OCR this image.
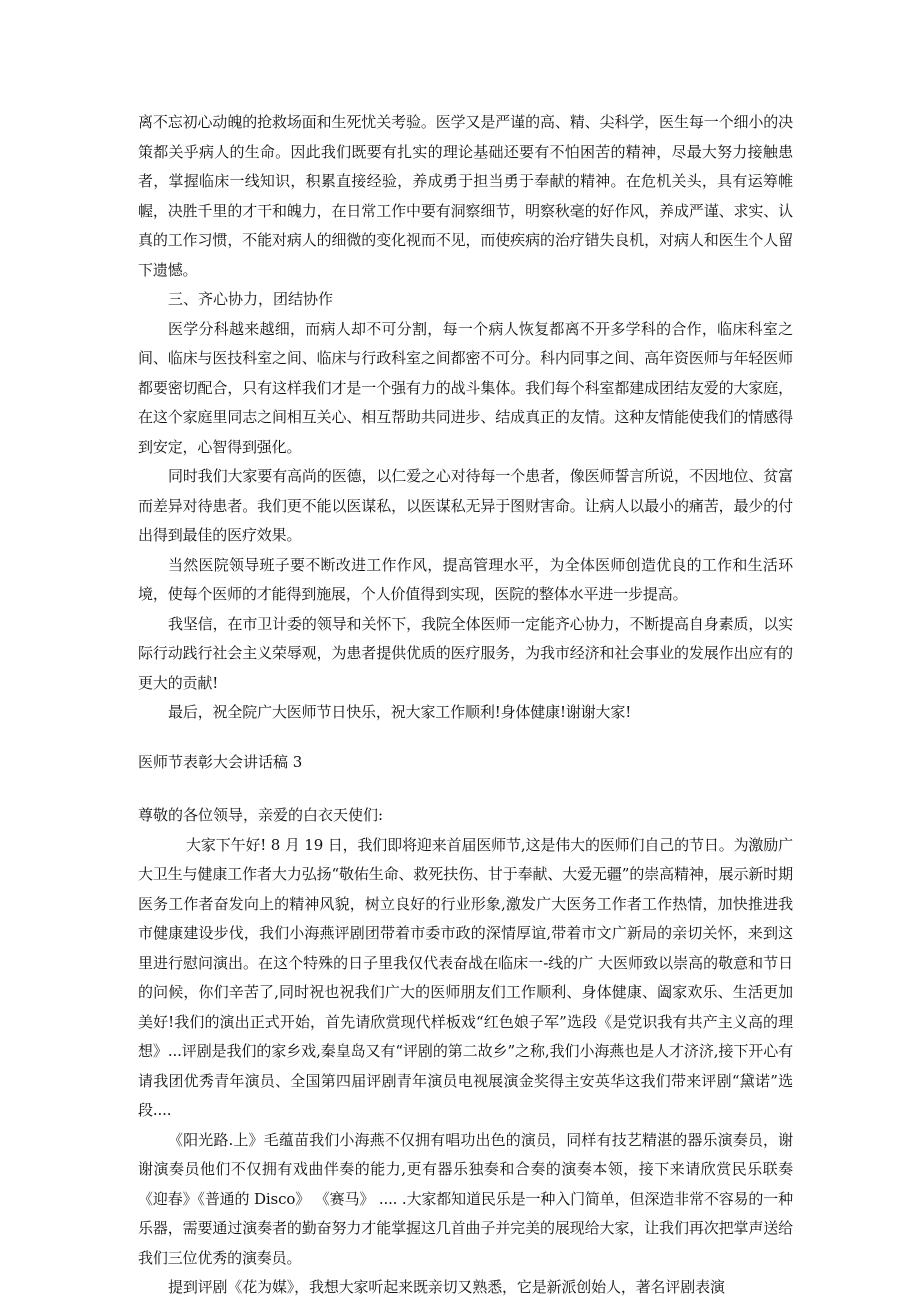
离不忘初心动魄的抢救场面和生死忧关考验。医学又是严谨的高、精、尖科学，医生每一个细小的决策都关乎病人的生命。因此我们既要有扎实的理论基础还要有不怕困苦的精神，尽最大努力接触患者，掌握临床一线知识，积累直接经验，养成勇于担当勇于奉献的精神。在危机关头，具有运筹帷幄，决胜千里的才干和魄力，在日常工作中要有洞察细节，明察秋毫的好作风，养成严谨、求实、认真的工作习惯，不能对病人的细微的变化视而不见，而使疾病的治疗错失良机，对病人和医生个人留下遗憾。

三、齐心协力，团结协作

医学分科越来越细，而病人却不可分割，每一个病人恢复都离不开多学科的合作，临床科室之间、临床与医技科室之间、临床与行政科室之间都密不可分。科内同事之间、高年资医师与年轻医师都要密切配合，只有这样我们才是一个强有力的战斗集体。我们每个科室都建成团结友爱的大家庭，在这个家庭里同志之间相互关心、相互帮助共同进步、结成真正的友情。这种友情能使我们的情感得到安定，心智得到强化。

同时我们大家要有高尚的医德，以仁爱之心对待每一个患者，像医师誓言所说，不因地位、贫富而差异对待患者。我们更不能以医谋私，以医谋私无异于图财害命。让病人以最小的痛苦，最少的付出得到最佳的医疗效果。

当然医院领导班子要不断改进工作作风，提高管理水平，为全体医师创造优良的工作和生活环境，使每个医师的才能得到施展，个人价值得到实现，医院的整体水平进一步提高。

我坚信，在市卫计委的领导和关怀下，我院全体医师一定能齐心协力，不断提高自身素质，以实际行动践行社会主义荣辱观，为患者提供优质的医疗服务，为我市经济和社会事业的发展作出应有的更大的贡献!

最后，祝全院广大医师节日快乐，祝大家工作顺利!身体健康!谢谢大家!

医师节表彰大会讲话稿 3

尊敬的各位领导，亲爱的白衣天使们:

大家下午好! 8 月 19 日，我们即将迎来首届医师节,这是伟大的医师们自己的节日。为激励广大卫生与健康工作者大力弘扬“敬佑生命、救死扶伤、甘于奉献、大爱无疆”的崇高精神，展示新时期医务工作者奋发向上的精神风貌，树立良好的行业形象,激发广大医务工作者工作热情，加快推进我市健康建设步伐，我们小海燕评剧团带着市委市政的深情厚谊,带着市文广新局的亲切关怀，来到这里进行慰问演出。在这个特殊的日子里我仅代表奋战在临床一-线的广 大医师致以崇高的敬意和节日的问候，你们辛苦了,同时祝也祝我们广大的医师朋友们工作顺利、身体健康、阖家欢乐、生活更加美好!我们的演出正式开始，首先请欣赏现代样板戏“红色娘子军”选段《是党识我有共产主义高的理想》...评剧是我们的家乡戏,秦皇岛又有“评剧的第二故乡”之称,我们小海燕也是人才济济,接下开心有请我团优秀青年演员、全国第四届评剧青年演员电视展演金奖得主安英华这我们带来评剧“黛诺”选段....

《阳光路.上》毛蕴苗我们小海燕不仅拥有唱功出色的演员，同样有技艺精湛的器乐演奏员，谢谢演奏员他们不仅拥有戏曲伴奏的能力,更有器乐独奏和合奏的演奏本领，接下来请欣赏民乐联奏《迎春》《普通的 Disco》 《赛马》 .... .大家都知道民乐是一种入门简单，但深造非常不容易的一种乐器，需要通过演奏者的勤奋努力才能掌握这几首曲子并完美的展现给大家，让我们再次把掌声送给我们三位优秀的演奏员。

提到评剧《花为媒》，我想大家听起来既亲切又熟悉，它是新派创始人，著名评剧表演
